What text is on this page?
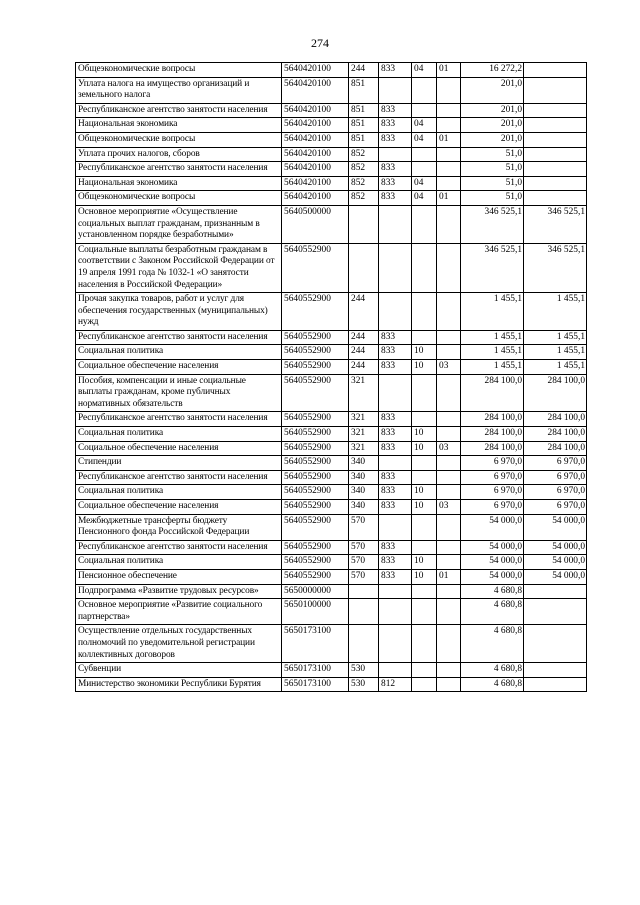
274
Общеэкономические вопросы	5640420100	244	833	04	01	16 272,2	
Уплата налога на имущество организаций и земельного налога	5640420100	851				201,0	
Республиканское агентство занятости населения	5640420100	851	833			201,0	
Национальная экономика	5640420100	851	833	04		201,0	
Общеэкономические вопросы	5640420100	851	833	04	01	201,0	
Уплата прочих налогов, сборов	5640420100	852				51,0	
Республиканское агентство занятости населения	5640420100	852	833			51,0	
Национальная экономика	5640420100	852	833	04		51,0	
Общеэкономические вопросы	5640420100	852	833	04	01	51,0	
Основное мероприятие «Осуществление социальных выплат гражданам, признанным в установленном порядке безработными»	5640500000					346 525,1	346 525,1
Социальные выплаты безработным гражданам в соответствии с Законом Российской Федерации от 19 апреля 1991 года № 1032-1 «О занятости населения в Российской Федерации»	5640552900					346 525,1	346 525,1
Прочая закупка товаров, работ и услуг для обеспечения государственных (муниципальных) нужд	5640552900	244				1 455,1	1 455,1
Республиканское агентство занятости населения	5640552900	244	833			1 455,1	1 455,1
Социальная политика	5640552900	244	833	10		1 455,1	1 455,1
Социальное обеспечение населения	5640552900	244	833	10	03	1 455,1	1 455,1
Пособия, компенсации и иные социальные выплаты гражданам, кроме публичных нормативных обязательств	5640552900	321				284 100,0	284 100,0
Республиканское агентство занятости населения	5640552900	321	833			284 100,0	284 100,0
Социальная политика	5640552900	321	833	10		284 100,0	284 100,0
Социальное обеспечение населения	5640552900	321	833	10	03	284 100,0	284 100,0
Стипендии	5640552900	340				6 970,0	6 970,0
Республиканское агентство занятости населения	5640552900	340	833			6 970,0	6 970,0
Социальная политика	5640552900	340	833	10		6 970,0	6 970,0
Социальное обеспечение населения	5640552900	340	833	10	03	6 970,0	6 970,0
Межбюджетные трансферты бюджету Пенсионного фонда Российской Федерации	5640552900	570				54 000,0	54 000,0
Республиканское агентство занятости населения	5640552900	570	833			54 000,0	54 000,0
Социальная политика	5640552900	570	833	10		54 000,0	54 000,0
Пенсионное обеспечение	5640552900	570	833	10	01	54 000,0	54 000,0
Подпрограмма «Развитие трудовых ресурсов»	5650000000					4 680,8	
Основное мероприятие «Развитие социального партнерства»	5650100000					4 680,8	
Осуществление отдельных государственных полномочий по уведомительной регистрации коллективных договоров	5650173100					4 680,8	
Субвенции	5650173100	530				4 680,8	
Министерство экономики Республики Бурятия	5650173100	530	812			4 680,8	
